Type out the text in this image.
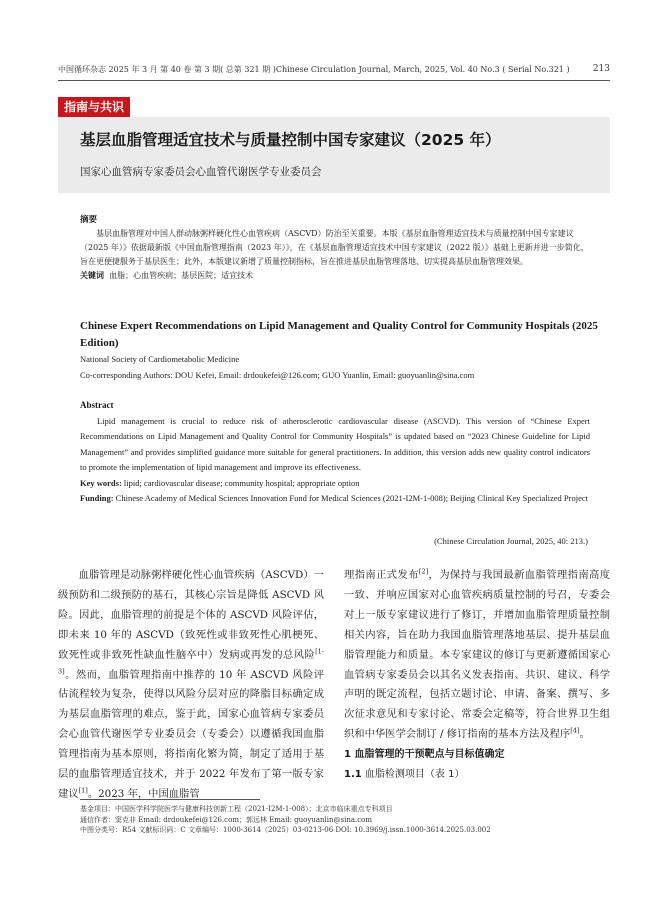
中国循环杂志 2025 年 3 月 第 40 卷 第 3 期( 总第 321 期 )Chinese Circulation Journal, March, 2025, Vol. 40 No.3 ( Serial No.321 )	213
指南与共识
基层血脂管理适宜技术与质量控制中国专家建议（2025 年）
国家心血管病专家委员会心血管代谢医学专业委员会
摘要

基层血脂管理对中国人群动脉粥样硬化性心血管疾病（ASCVD）防治至关重要。本版《基层血脂管理适宜技术与质量控制中国专家建议（2025 年）》依据最新版《中国血脂管理指南（2023 年）》，在《基层血脂管理适宜技术中国专家建议（2022 版）》基础上更新并进一步简化，旨在更便捷服务于基层医生；此外，本版建议新增了质量控制指标，旨在推进基层血脂管理落地、切实提高基层血脂管理效果。

关键词 血脂；心血管疾病；基层医院；适宜技术
Chinese Expert Recommendations on Lipid Management and Quality Control for Community Hospitals (2025 Edition)
National Society of Cardiometabolic Medicine
Co-corresponding Authors: DOU Kefei, Email: drdoukefei@126.com; GUO Yuanlin, Email: guoyuanlin@sina.com
Abstract

Lipid management is crucial to reduce risk of atherosclerotic cardiovascular disease (ASCVD). This version of “Chinese Expert Recommendations on Lipid Management and Quality Control for Community Hospitals” is updated based on “2023 Chinese Guideline for Lipid Management” and provides simplified guidance more suitable for general practitioners. In addition, this version adds new quality control indicators to promote the implementation of lipid management and improve its effectiveness.

Key words: lipid; cardiovascular disease; community hospital; appropriate option
Funding: Chinese Academy of Medical Sciences Innovation Fund for Medical Sciences (2021-I2M-1-008); Beijing Clinical Key Specialized Project
(Chinese Circulation Journal, 2025, 40: 213.)

血脂管理是动脉粥样硬化性心血管疾病（ASCVD）一级预防和二级预防的基石，其核心宗旨是降低 ASCVD 风险。因此，血脂管理的前提是个体的 ASCVD 风险评估，即未来 10 年的 ASCVD（致死性或非致死性心肌梗死、致死性或非致死性缺血性脑卒中）发病或再发的总风险[1-3]。然而，血脂管理指南中推荐的 10 年 ASCVD 风险评估流程较为复杂，使得以风险分层对应的降脂目标确定成为基层血脂管理的难点，鉴于此，国家心血管病专家委员会心血管代谢医学专业委员会（专委会）以遵循我国血脂管理指南为基本原则，将指南化繁为简，制定了适用于基层的血脂管理适宜技术，并于 2022 年发布了第一版专家建议[1]。2023 年，中国血脂管

理指南正式发布[2]，为保持与我国最新血脂管理指南高度一致、并响应国家对心血管疾病质量控制的号召，专委会对上一版专家建议进行了修订，并增加血脂管理质量控制相关内容，旨在助力我国血脂管理落地基层、提升基层血脂管理能力和质量。本专家建议的修订与更新遵循国家心血管病专家委员会以其名义发表指南、共识、建议、科学声明的既定流程，包括立题讨论、申请、备案、撰写、多次征求意见和专家讨论、常委会定稿等，符合世界卫生组织和中华医学会制订 / 修订指南的基本方法及程序[4]。

1 血脂管理的干预靶点与目标值确定

1.1 血脂检测项目（表 1）

基金项目：中国医学科学院医学与健康科技创新工程（2021-I2M-1-008）；北京市临床重点专科项目

通信作者：窦克非 Email: drdoukefei@126.com；郭远林 Email: guoyuanlin@sina.com

中图分类号：R54 文献标识码：C 文章编号：1000-3614（2025）03-0213-06 DOI: 10.3969/j.issn.1000-3614.2025.03.002
